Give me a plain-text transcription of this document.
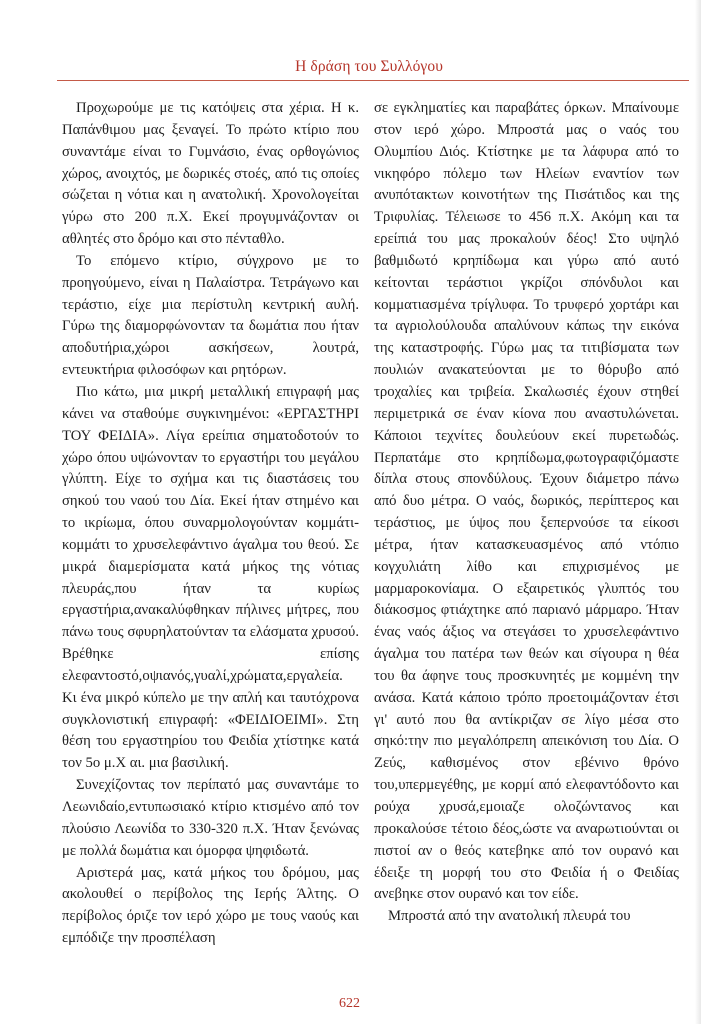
Η δράση του Συλλόγου

Προχωρούμε με τις κατόψεις στα χέρια. Η κ. Παπάνθιμου μας ξεναγεί. Το πρώτο κτίριο που συναντάμε είναι το Γυμνάσιο, ένας ορθογώνιος χώρος, ανοιχτός, με δωρικές στοές, από τις οποίες σώζεται η νότια και η ανατολική. Χρονολογείται γύρω στο 200 π.Χ. Εκεί προγυμνάζονταν οι αθλητές στο δρόμο και στο πένταθλο.

Το επόμενο κτίριο, σύγχρονο με το προηγούμενο, είναι η Παλαίστρα. Τετράγωνο και τεράστιο, είχε μια περίστυλη κεντρική αυλή. Γύρω της διαμορφώνονταν τα δωμάτια που ήταν αποδυτήρια,χώροι ασκήσεων, λουτρά, εντευκτήρια φιλοσόφων και ρητόρων.

Πιο κάτω, μια μικρή μεταλλική επιγραφή μας κάνει να σταθούμε συγκινημένοι: «ΕΡΓΑΣΤΗΡΙ ΤΟΥ ΦΕΙΔΙΑ». Λίγα ερείπια σηματοδοτούν το χώρο όπου υψώνονταν το εργαστήρι του μεγάλου γλύπτη. Είχε το σχήμα και τις διαστάσεις του σηκού του ναού του Δία. Εκεί ήταν στημένο και το ικρίωμα, όπου συναρμολογούνταν κομμάτι-κομμάτι το χρυσελεφάντινο άγαλμα του θεού. Σε μικρά διαμερίσματα κατά μήκος της νότιας πλευράς,που ήταν τα κυρίως εργαστήρια,ανακαλύφθηκαν πήλινες μήτρες, που πάνω τους σφυρηλατούνταν τα ελάσματα χρυσού. Βρέθηκε επίσης ελεφαντοστό,οψιανός,γυαλί,χρώματα,εργαλεία. Κι ένα μικρό κύπελο με την απλή και ταυτόχρονα συγκλονιστική επιγραφή: «ΦΕΙΔΙΟΕΙΜΙ». Στη θέση του εργαστηρίου του Φειδία χτίστηκε κατά τον 5ο μ.Χ αι. μια βασιλική.

Συνεχίζοντας τον περίπατό μας συναντάμε το Λεωνιδαίο,εντυπωσιακό κτίριο κτισμένο από τον πλούσιο Λεωνίδα το 330-320 π.Χ. Ήταν ξενώνας με πολλά δωμάτια και όμορφα ψηφιδωτά.

Αριστερά μας, κατά μήκος του δρόμου, μας ακολουθεί ο περίβολος της Ιερής Άλτης. Ο περίβολος όριζε τον ιερό χώρο με τους ναούς και εμπόδιζε την προσπέλαση

σε εγκληματίες και παραβάτες όρκων. Μπαίνουμε στον ιερό χώρο. Μπροστά μας ο ναός του Ολυμπίου Διός. Κτίστηκε με τα λάφυρα από το νικηφόρο πόλεμο των Ηλείων εναντίον των ανυπότακτων κοινοτήτων της Πισάτιδος και της Τριφυλίας. Τέλειωσε το 456 π.Χ. Ακόμη και τα ερείπιά του μας προκαλούν δέος! Στο υψηλό βαθμιδωτό κρηπίδωμα και γύρω από αυτό κείτονται τεράστιοι γκρίζοι σπόνδυλοι και κομματιασμένα τρίγλυφα. Το τρυφερό χορτάρι και τα αγριολούλουδα απαλύνουν κάπως την εικόνα της καταστροφής. Γύρω μας τα τιτιβίσματα των πουλιών ανακατεύονται με το θόρυβο από τροχαλίες και τριβεία. Σκαλωσιές έχουν στηθεί περιμετρικά σε έναν κίονα που αναστυλώνεται. Κάποιοι τεχνίτες δουλεύουν εκεί πυρετωδώς. Περπατάμε στο κρηπίδωμα,φωτογραφιζόμαστε δίπλα στους σπονδύλους. Έχουν διάμετρο πάνω από δυο μέτρα. Ο ναός, δωρικός, περίπτερος και τεράστιος, με ύψος που ξεπερνούσε τα είκοσι μέτρα, ήταν κατασκευασμένος από ντόπιο κογχυλιάτη λίθο και επιχρισμένος με μαρμαροκονίαμα. Ο εξαιρετικός γλυπτός του διάκοσμος φτιάχτηκε από παριανό μάρμαρο. Ήταν ένας ναός άξιος να στεγάσει το χρυσελεφάντινο άγαλμα του πατέρα των θεών και σίγουρα η θέα του θα άφηνε τους προσκυνητές με κομμένη την ανάσα. Κατά κάποιο τρόπο προετοιμάζονταν έτσι γι' αυτό που θα αντίκριζαν σε λίγο μέσα στο σηκό:την πιο μεγαλόπρεπη απεικόνιση του Δία. Ο Ζεύς, καθισμένος στον εβένινο θρόνο του,υπερμεγέθης, με κορμί από ελεφαντόδοντο και ρούχα χρυσά,εμοιαζε ολοζώντανος και προκαλούσε τέτοιο δέος,ώστε να αναρωτιούνται οι πιστοί αν ο θεός κατεβηκε από τον ουρανό και έδειξε τη μορφή του στο Φειδία ή ο Φειδίας ανεβηκε στον ουρανό και τον είδε.

Μπροστά από την ανατολική πλευρά του

622
